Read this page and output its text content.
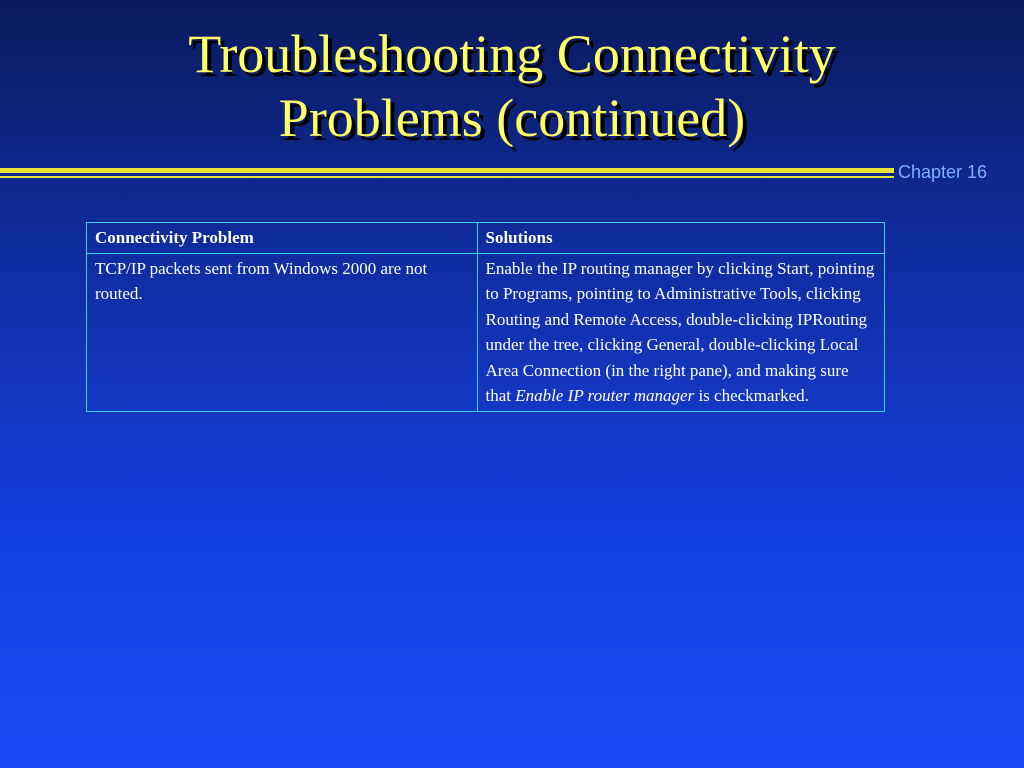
Troubleshooting Connectivity
Problems (continued)
Chapter 16
Connectivity Problem	Solutions
TCP/IP packets sent from Windows 2000 are not routed.	Enable the IP routing manager by clicking Start, pointing to Programs, pointing to Administrative Tools, clicking Routing and Remote Access, double-clicking IPRouting under the tree, clicking General, double-clicking Local Area Connection (in the right pane), and making sure that Enable IP router manager is checkmarked.
